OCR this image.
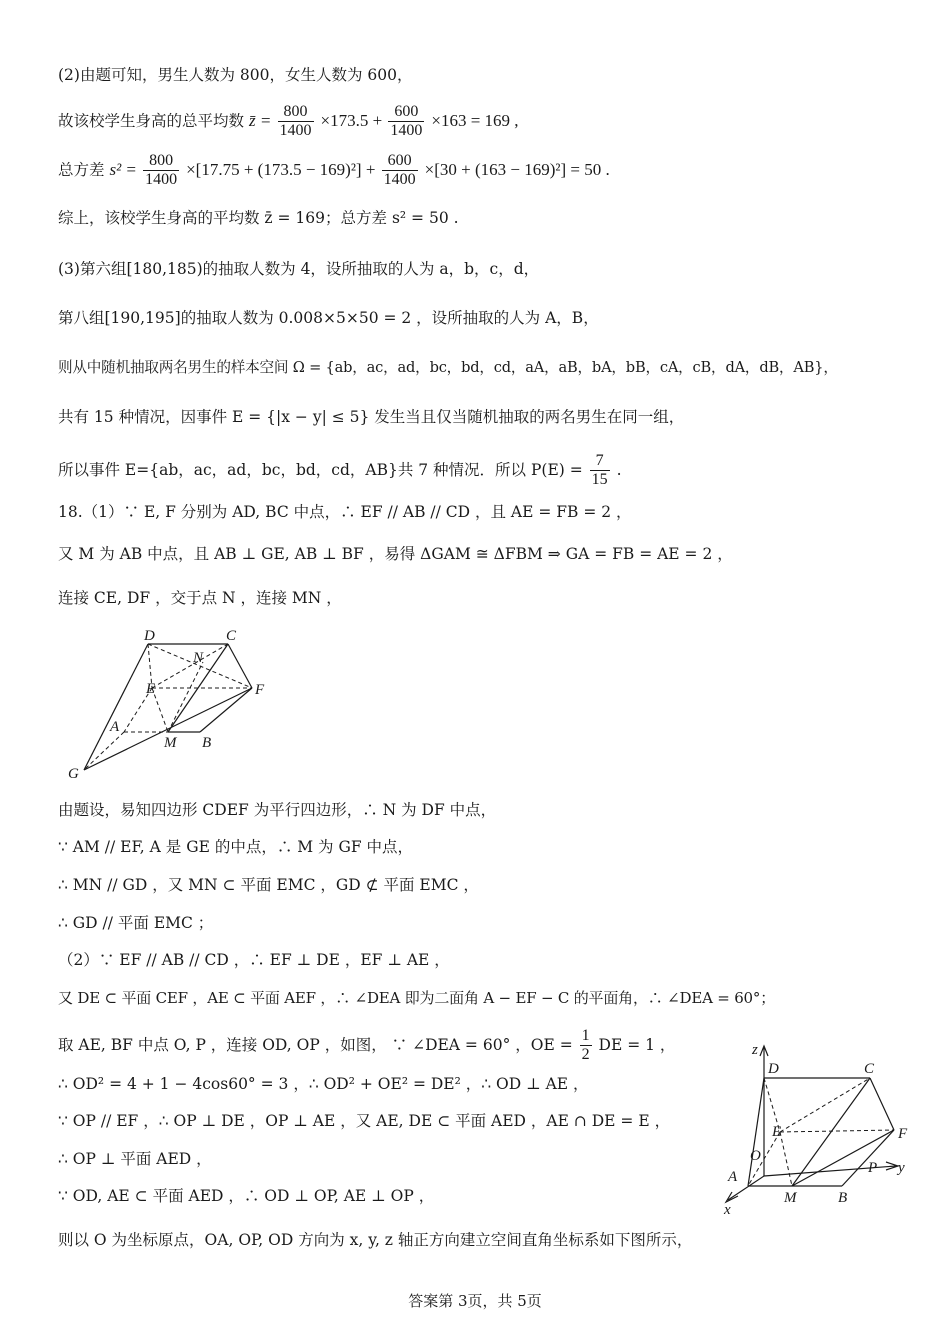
(2)由题可知，男生人数为 800，女生人数为 600，
故该校学生身高的总平均数 z̄ = $\frac{800}{1400} \times 173.5 + \frac{600}{1400} \times 163 = 169$ ,
总方差 $s^2 = \frac{800}{1400} \times[17.75 + (173.5 - 169)^2] + \frac{600}{1400} \times[30 + (163 - 169)^2] = 50$ .
综上，该校学生身高的平均数 z̄ = 169；总方差 s² = 50 .
(3)第六组[180,185)的抽取人数为 4，设所抽取的人为 a，b，c，d，
第八组[190,195]的抽取人数为 0.008×5×50 = 2 ，设所抽取的人为 A，B，
则从中随机抽取两名男生的样本空间 Ω = {ab，ac，ad，bc，bd，cd，aA，aB，bA，bB，cA，cB，dA，dB，AB}，
共有 15 种情况，因事件 E = {|x − y| ≤ 5} 发生当且仅当随机抽取的两名男生在同一组，
所以事件 E={ab，ac，ad，bc，bd，cd，AB}共 7 种情况．所以 $P(E) = \frac{7}{15}$ .
18.（1）∵ E, F 分别为 AD, BC 中点，∴ EF // AB // CD ，且 AE = FB = 2 ，
又 M 为 AB 中点，且 AB ⊥ GE, AB ⊥ BF ，易得 ΔGAM ≅ ΔFBM ⇒ GA = FB = AE = 2 ，
连接 CE, DF ，交于点 N ，连接 MN ，
D	C
N
E	F
A
M B
G
由题设，易知四边形 CDEF 为平行四边形，∴ N 为 DF 中点，
∵ AM // EF, A 是 GE 的中点，∴ M 为 GF 中点，
∴ MN // GD ，又 MN ⊂ 平面 EMC ，GD ⊄ 平面 EMC ，
∴ GD // 平面 EMC ；
（2）∵ EF // AB // CD ，∴ EF ⊥ DE ，EF ⊥ AE ，
又 DE ⊂ 平面 CEF ，AE ⊂ 平面 AEF ，∴ ∠DEA 即为二面角 A − EF − C 的平面角，∴ ∠DEA = 60°；
取 AE, BF 中点 O, P ，连接 OD, OP ，如图， ∵ ∠DEA = 60° ，OE = $\frac{1}{2}$ DE = 1 ，
∴ OD² = 4 + 1 − 4cos60° = 3 ，∴ OD² + OE² = DE² ，∴ OD ⊥ AE ，
∵ OP // EF ，∴ OP ⊥ DE ，OP ⊥ AE ，又 AE, DE ⊂ 平面 AED ，AE ∩ DE = E ，
∴ OP ⊥ 平面 AED ，
∵ OD, AE ⊂ 平面 AED ，∴ OD ⊥ OP, AE ⊥ OP ，
则以 O 为坐标原点，OA, OP, OD 方向为 x, y, z 轴正方向建立空间直角坐标系如下图所示，
z
D	C
E	F
O
A
P y
M	B
x
答案第 3页，共 5页
